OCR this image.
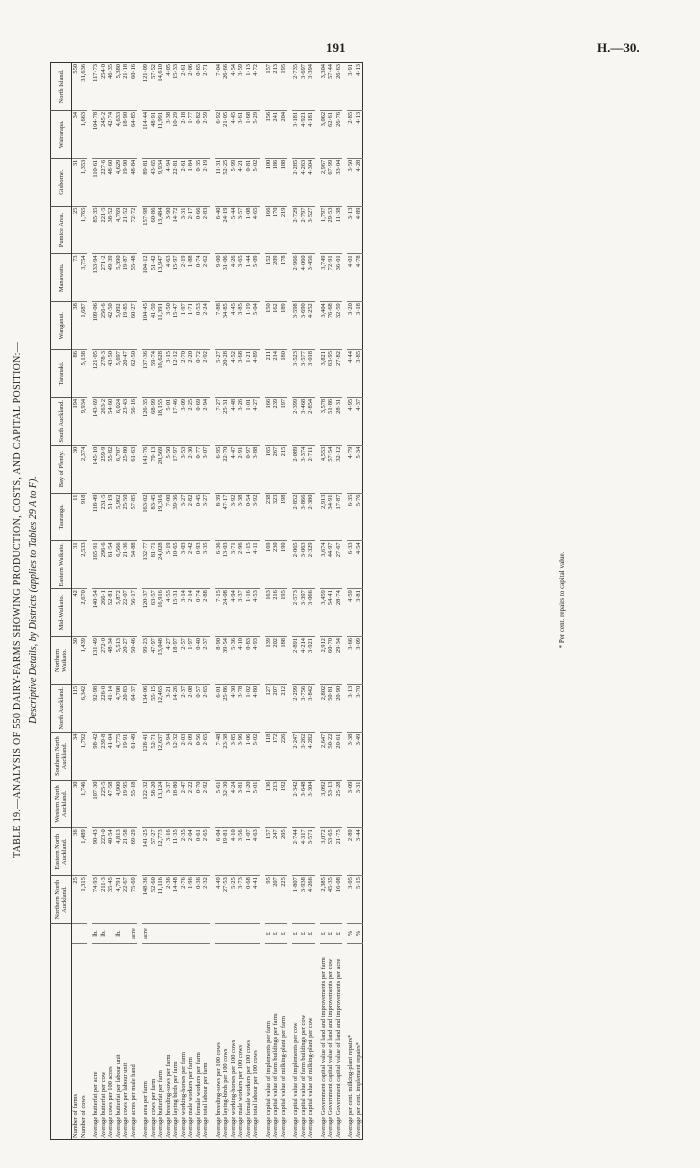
191	H.—30.
TABLE 19.—ANALYSIS OF 550 DAIRY-FARMS SHOWING PRODUCTION, COSTS, AND CAPITAL POSITION:— Descriptive Details, by Districts (applies to Tables 29 A to F).
		Northern North Auckland.	Eastern North Auckland.	Western North Auckland.	Southern North Auckland.	North Auckland.	Northern Waikato.	Mid-Waikato.	Eastern Waikato.	Tauranga.	Bay of Plenty.	South Auckland.	Taranaki.	Wanganui.	Manawatu.	Pumice Area.	Gisborne.	Wairarapa.	North Island.
Number of farms		25	36	30	34	115	30	42	31	11	30	194	86	38	73	25	31	34	550
Number of cows		1,315	1,489	1,746	1,792	6,342	1,439	2,670	2,533	918	2,374	9,934	5,138	1,687	3,754	1,765	1,353	1,663	31,636

Average butterfat per acre	lb.	74·93	90·43	107·30	98·42	92·98	131·49	140·54	165·91	118·49	145·10	143·69	121·05	109·06	133·94	85·35	110·61	104·78	117·73
Average butterfat per cow	lb.	211·3	223·0	225·5	239·8	226·0	272·0	266·1	296·6	231·5	259·9	263·2	278·3	256·6	271·2	221·5	227·6	245·2	254·0
Average cows per 100 acres		35·45	40·54	47·58	41·04	41·14	48·34	52·81	61·54	51·19	55·82	54·60	43·50	42·50	49·39	38·52	48·60	42·74	46·35
Average butterfat per labour unit	lb.	4,791	4,813	4,900	4,775	4,708	5,513	5,872	6,566	5,962	6,707	6,024	5,697	5,092	5,390	4,769	4,629	4,633	5,380
Average cows per labour unit		22·67	21·58	19·95	19·91	20·83	20·27	22·07	21·36	25·50	25·80	23·43	20·47	19·85	19·87	21·52	19·90	18·90	21·18
Average acres per male hand	acre	75·69	69·29	55·18	61·49	64·37	50·46	56·17	54·88	57·85	61·63	56·16	62·50	60·27	55·48	72·72	48·84	64·85	60·16

Average area per farm	acre	148·36	141·25	122·32	128·41	134·06	99·23	120·37	132·77	163·02	141·76	126·35	137·36	104·45	104·12	157·98	89·81	114·44	121·09
Average cows per farm		52·60	57·27	58·20	52·71	55·15	47·97	63·57	81·71	83·45	79·13	68·99	59·74	41·59	51·42	60·86	43·65	48·91	57·52
Average butterfat per farm		11,116	12,773	13,124	12,637	12,465	13,048	16,916	24,028	19,316	20,569	18,155	16,628	11,391	13,947	13,484	9,934	11,991	14,610
Average breeding-sows per farm		2·36	3·16	3·37	3·94	3·21	4·27	4·55	5·19	7·00	5·50	5·01	3·15	3·50	4·63	3·90	4·94	3·38	4·05
Average laying birds per farm		14·48	11·35	18·80	12·32	14·26	18·97	15·31	10·65	39·36	17·97	17·46	12·12	15·47	15·97	14·72	22·81	10·29	15·33
Average working-horses per farm		2·76	2·35	2·47	2·03	2·37	2·57	3·14	3·03	3·27	3·53	3·09	2·70	1·97	2·19	3·31	2·61	2·18	2·61
Average male workers per farm		1·96	2·04	2·22	2·09	2·08	1·97	2·14	2·42	2·82	2·30	2·25	2·20	1·71	1·88	2·17	1·84	1·77	2·06
Average female workers per farm		0·36	0·61	0·70	0·56	0·57	0·40	0·74	0·93	0·45	0·77	0·69	0·72	0·53	0·74	0·66	0·35	0·82	0·65
Average total labour per farm		2·32	2·65	2·92	2·65	2·65	2·37	2·88	3·35	3·27	3·07	2·94	2·92	2·24	2·62	2·83	2·19	2·59	2·71

Average breeding-sows per 100 cows		4·49	6·04	5·61	7·48	6·01	8·90	7·15	6·36	8·39	6·95	7·27	5·27	7·88	9·00	6·40	11·31	6·92	7·04
Average laying-birds per 100 cows		27·53	19·81	32·30	23·38	25·86	39·54	24·08	13·03	47·17	22·70	25·31	20·28	34·85	31·06	24·19	52·25	21·05	26·66
Average working-horses per 100 cows		5·25	4·10	4·24	3·85	4·30	5·36	4·94	3·71	3·92	4·47	4·48	4·52	4·45	4·26	5·44	5·99	4·45	4·54
Average male workers per 100 cows		3·73	3·56	3·81	3·96	3·78	4·10	3·37	2·96	3·38	2·91	3·26	3·68	3·85	3·65	3·57	4·21	3·61	3·59
Average female workers per 100 cows		0·68	1·07	1·20	1·06	1·02	0·83	1·16	1·15	0·54	0·97	1·01	1·21	1·19	1·44	1·08	0·81	1·68	1·13
Average total labour per 100 cows		4·41	4·63	5·01	5·02	4·80	4·93	4·53	4·11	3·92	3·88	4·27	4·89	5·04	5·09	4·65	5·02	5·29	4·72

Average capital value of implements per farm	£	95	157	136	118	127	139	163	169	238	165	166	211	150	152	166	100	156	157
Average capital value of farm buildings per farm	£	207	247	213	172	207	202	216	230	323	267	239	214	162	209	170	186	241	213
Average capital value of milking-plant per farm	£	225	205	192	226	212	188	195	190	198	215	197	180	189	178	219	188	204	195

Average capital value of implements per cow	£	1·807	2·744	2·342	2·247	2·299	2·891	2·573	2·065	2·852	2·089	2·399	3·523	3·598	2·966	2·729	2·285	3·181	2·735
Average capital value of farm buildings per cow	£	3·938	4·317	3·648	3·262	3·756	4·214	3·397	3·063	3·866	3·374	3·468	3·577	3·690	4·060	2·797	4·263	4·921	3·697
Average capital value of milking-plant per cow	£	4·266	3·571	3·304	4·282	3·842	3·921	3·066	2·329	2·380	2·711	2·854	3·018	4·252	3·456	3·527	4·304	4·181	3·394

Average Government capital value of land and improvements per farm	£	2,385	3,072	3,092	2,647	2,802	2,912	3,459	3,674	2,913	4,553	3,578	3,821	3,404	3,749	1,797	2,967	3,062	3,304
Average Government capital value of land and improvements per cow	£	45·35	53·65	53·13	50·22	50·81	60·70	54·41	44·97	34·91	57·54	51·86	63·95	76·68	72·91	29·53	67·99	62·61	57·44
Average Government capital value of land and improvements per acre	£	16·08	21·75	25·28	20·61	20·90	29·34	28·74	27·67	17·87	32·12	28·31	27·82	32·59	36·01	11·38	33·04	26·76	26·63

Average per cent. milking-plant repairs*	%	3·05	2·89	3·09	3·38	3·13	3·66	4·59	6·33	6·35	4·79	4·95	4·44	3·20	4·01	3·13	3·50	2·85	3·91
Average per cent. implement repairs*	%	5·15	3·44	3·31	3·49	3·70	3·09	3·81	4·54	5·76	5·34	4·37	3·85	3·18	4·78	4·89	4·28	4·13	4·13
* Per cent. repairs to capital value.
